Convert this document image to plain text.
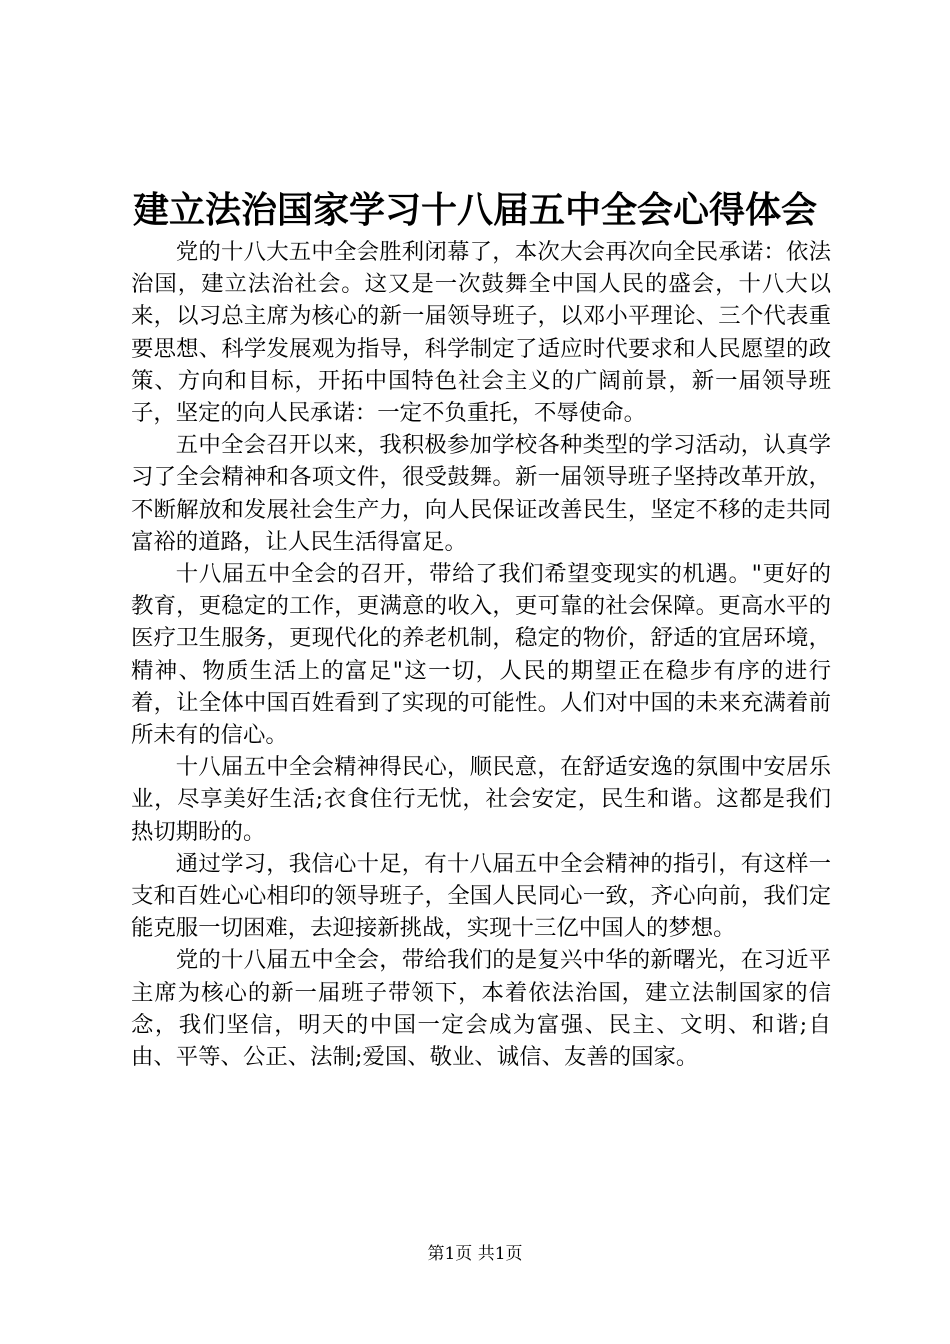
建立法治国家学习十八届五中全会心得体会

党的十八大五中全会胜利闭幕了，本次大会再次向全民承诺：依法治国，建立法治社会。这又是一次鼓舞全中国人民的盛会，十八大以来，以习总主席为核心的新一届领导班子，以邓小平理论、三个代表重要思想、科学发展观为指导，科学制定了适应时代要求和人民愿望的政策、方向和目标，开拓中国特色社会主义的广阔前景，新一届领导班子，坚定的向人民承诺：一定不负重托，不辱使命。

五中全会召开以来，我积极参加学校各种类型的学习活动，认真学习了全会精神和各项文件，很受鼓舞。新一届领导班子坚持改革开放，不断解放和发展社会生产力，向人民保证改善民生，坚定不移的走共同富裕的道路，让人民生活得富足。

十八届五中全会的召开，带给了我们希望变现实的机遇。"更好的教育，更稳定的工作，更满意的收入，更可靠的社会保障。更高水平的医疗卫生服务，更现代化的养老机制，稳定的物价，舒适的宜居环境，精神、物质生活上的富足"这一切，人民的期望正在稳步有序的进行着，让全体中国百姓看到了实现的可能性。人们对中国的未来充满着前所未有的信心。

十八届五中全会精神得民心，顺民意，在舒适安逸的氛围中安居乐业，尽享美好生活;衣食住行无忧，社会安定，民生和谐。这都是我们热切期盼的。

通过学习，我信心十足，有十八届五中全会精神的指引，有这样一支和百姓心心相印的领导班子，全国人民同心一致，齐心向前，我们定能克服一切困难，去迎接新挑战，实现十三亿中国人的梦想。

党的十八届五中全会，带给我们的是复兴中华的新曙光，在习近平主席为核心的新一届班子带领下，本着依法治国，建立法制国家的信念，我们坚信，明天的中国一定会成为富强、民主、文明、和谐;自由、平等、公正、法制;爱国、敬业、诚信、友善的国家。

第1页 共1页
